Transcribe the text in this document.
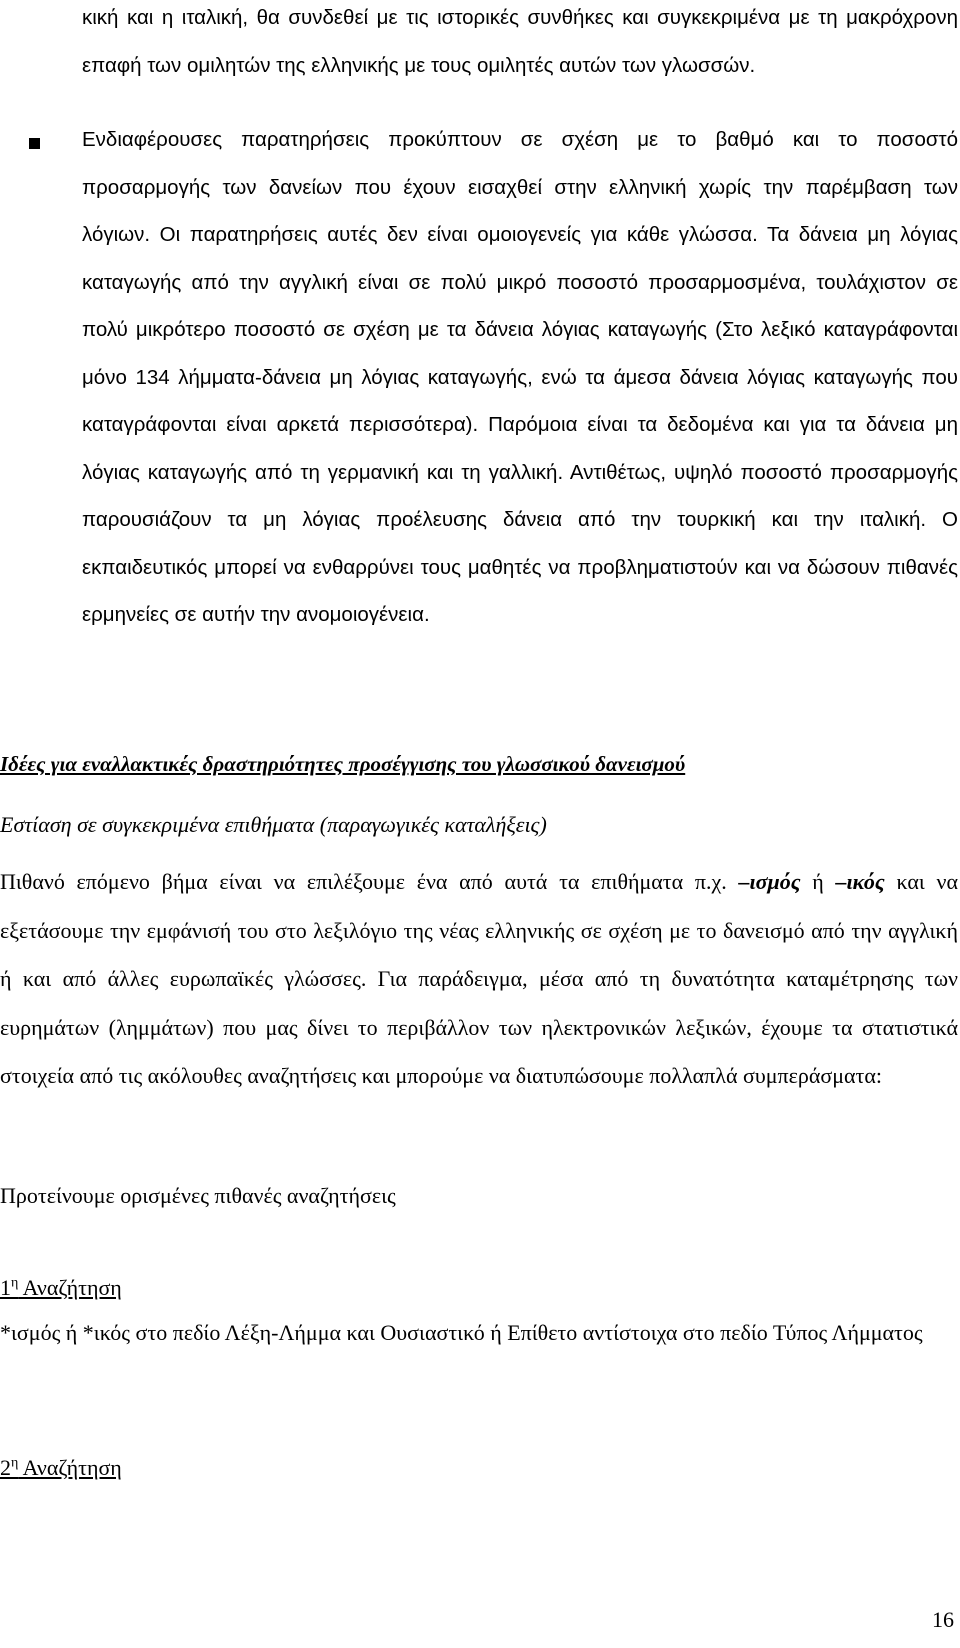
κική και η ιταλική, θα συνδεθεί με τις ιστορικές συνθήκες και συγκεκριμένα με τη μακρόχρονη επαφή των ομιλητών της ελληνικής με τους ομιλητές αυτών των γλωσσών.

Ενδιαφέρουσες παρατηρήσεις προκύπτουν σε σχέση με το βαθμό και το ποσοστό προσαρμογής των δανείων που έχουν εισαχθεί στην ελληνική χωρίς την παρέμβαση των λόγιων. Οι παρατηρήσεις αυτές δεν είναι ομοιογενείς για κάθε γλώσσα. Τα δάνεια μη λόγιας καταγωγής από την αγγλική είναι σε πολύ μικρό ποσοστό προσαρμοσμένα, τουλάχιστον σε πολύ μικρότερο ποσοστό σε σχέση με τα δάνεια λόγιας καταγωγής (Στο λεξικό καταγράφονται μόνο 134 λήμματα-δάνεια μη λόγιας καταγωγής, ενώ τα άμεσα δάνεια λόγιας καταγωγής που καταγράφονται είναι αρκετά περισσότερα). Παρόμοια είναι τα δεδομένα και για τα δάνεια μη λόγιας καταγωγής από τη γερμανική και τη γαλλική. Αντιθέτως, υψηλό ποσοστό προσαρμογής παρουσιάζουν τα μη λόγιας προέλευσης δάνεια από την τουρκική και την ιταλική. Ο εκπαιδευτικός μπορεί να ενθαρρύνει τους μαθητές να προβληματιστούν και να δώσουν πιθανές ερμηνείες σε αυτήν την ανομοιογένεια.

Ιδέες για εναλλακτικές δραστηριότητες προσέγγισης του γλωσσικού δανεισμού
Εστίαση σε συγκεκριμένα επιθήματα (παραγωγικές καταλήξεις)
Πιθανό επόμενο βήμα είναι να επιλέξουμε ένα από αυτά τα επιθήματα π.χ. –ισμός ή –ικός και να εξετάσουμε την εμφάνισή του στο λεξιλόγιο της νέας ελληνικής σε σχέση με το δανεισμό από την αγγλική ή και από άλλες ευρωπαϊκές γλώσσες. Για παράδειγμα, μέσα από τη δυνατότητα καταμέτρησης των ευρημάτων (λημμάτων) που μας δίνει το περιβάλλον των ηλεκτρονικών λεξικών, έχουμε τα στατιστικά στοιχεία από τις ακόλουθες αναζητήσεις και μπορούμε να διατυπώσουμε πολλαπλά συμπεράσματα:
Προτείνουμε ορισμένες πιθανές αναζητήσεις
$1^\eta$ Αναζήτηση
*ισμός ή *ικός στο πεδίο Λέξη-Λήμμα και Ουσιαστικό ή Επίθετο αντίστοιχα στο πεδίο Τύπος Λήμματος
$2^\eta$ Αναζήτηση
16
